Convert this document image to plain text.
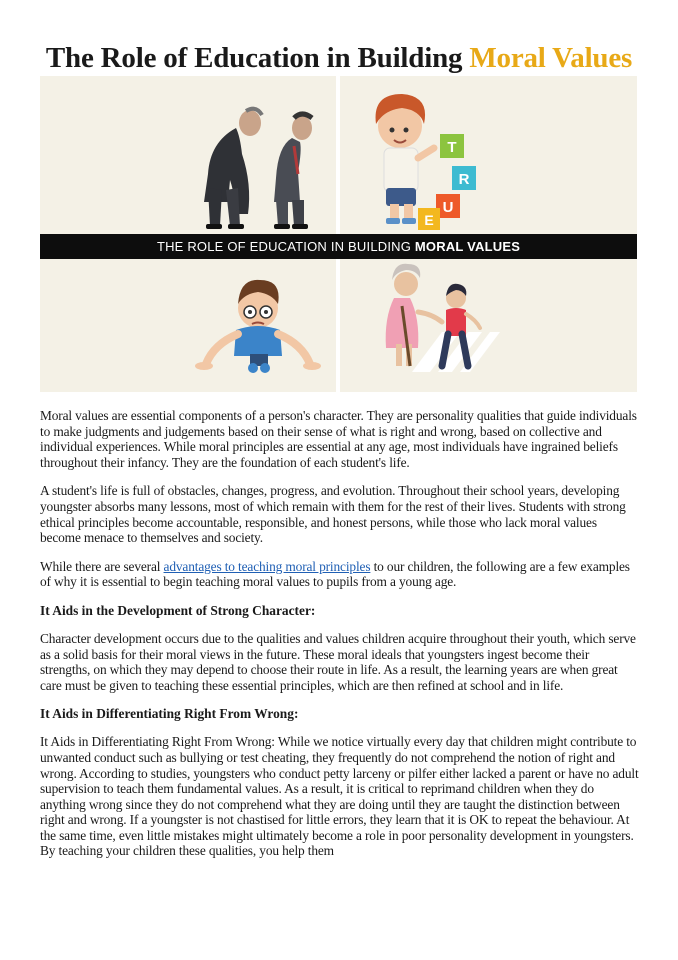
The Role of Education in Building Moral Values
T
R
U
E
THE ROLE OF EDUCATION IN BUILDING MORAL VALUES

Moral values are essential components of a person's character. They are personality qualities that guide individuals to make judgments and judgements based on their sense of what is right and wrong, based on collective and individual experiences. While moral principles are essential at any age, most individuals have ingrained beliefs throughout their infancy. They are the foundation of each student's life.

A student's life is full of obstacles, changes, progress, and evolution. Throughout their school years, developing youngster absorbs many lessons, most of which remain with them for the rest of their lives. Students with strong ethical principles become accountable, responsible, and honest persons, while those who lack moral values become menace to themselves and society.

While there are several advantages to teaching moral principles to our children, the following are a few examples of why it is essential to begin teaching moral values to pupils from a young age.

It Aids in the Development of Strong Character:

Character development occurs due to the qualities and values children acquire throughout their youth, which serve as a solid basis for their moral views in the future. These moral ideals that youngsters ingest become their strengths, on which they may depend to choose their route in life. As a result, the learning years are when great care must be given to teaching these essential principles, which are then refined at school and in life.

It Aids in Differentiating Right From Wrong:

It Aids in Differentiating Right From Wrong: While we notice virtually every day that children might contribute to unwanted conduct such as bullying or test cheating, they frequently do not comprehend the notion of right and wrong. According to studies, youngsters who conduct petty larceny or pilfer either lacked a parent or have no adult supervision to teach them fundamental values. As a result, it is critical to reprimand children when they do anything wrong since they do not comprehend what they are doing until they are taught the distinction between right and wrong. If a youngster is not chastised for little errors, they learn that it is OK to repeat the behaviour. At the same time, even little mistakes might ultimately become a role in poor personality development in youngsters. By teaching your children these qualities, you help them
